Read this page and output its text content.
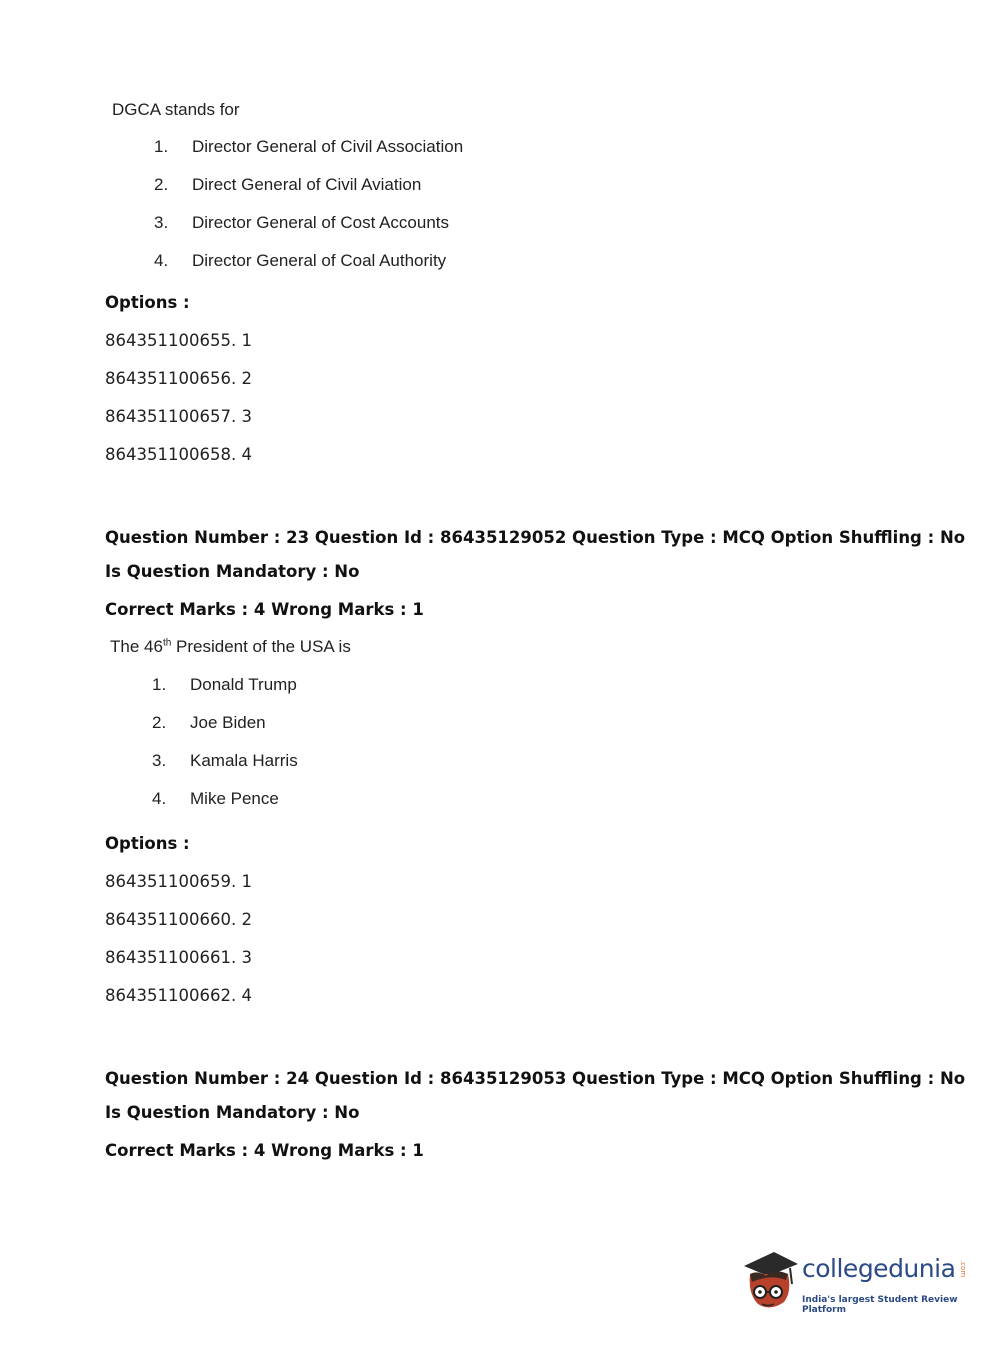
DGCA stands for
1. Director General of Civil Association
2. Direct General of Civil Aviation
3. Director General of Cost Accounts
4. Director General of Coal Authority
Options :
864351100655. 1
864351100656. 2
864351100657. 3
864351100658. 4
Question Number : 23 Question Id : 86435129052 Question Type : MCQ Option Shuffling : No
Is Question Mandatory : No
Correct Marks : 4 Wrong Marks : 1
The 46th President of the USA is
1. Donald Trump
2. Joe Biden
3. Kamala Harris
4. Mike Pence
Options :
864351100659. 1
864351100660. 2
864351100661. 3
864351100662. 4
Question Number : 24 Question Id : 86435129053 Question Type : MCQ Option Shuffling : No
Is Question Mandatory : No
Correct Marks : 4 Wrong Marks : 1
collegedunia .com
India's largest Student Review Platform
